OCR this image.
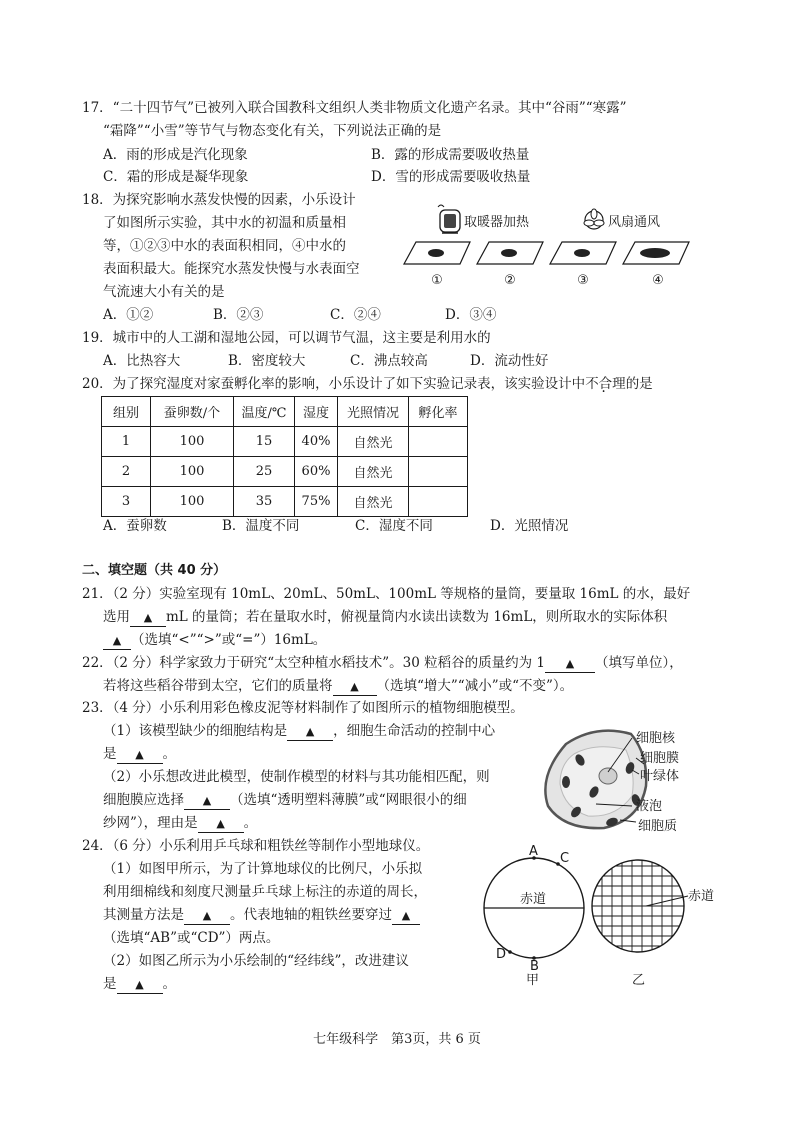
17．“二十四节气”已被列入联合国教科文组织人类非物质文化遗产名录。其中“谷雨”“寒露”
“霜降”“小雪”等节气与物态变化有关，下列说法正确的是
A．雨的形成是汽化现象	B．露的形成需要吸收热量
C．霜的形成是凝华现象	D．雪的形成需要吸收热量
18．为探究影响水蒸发快慢的因素，小乐设计
了如图所示实验，其中水的初温和质量相
等，①②③中水的表面积相同，④中水的
表面积最大。能探究水蒸发快慢与水表面空
气流速大小有关的是
A．①②	B．②③	C．②④	D．③④
取暖器加热	风扇通风
①	②	③	④
19．城市中的人工湖和湿地公园，可以调节气温，这主要是利用水的
A．比热容大	B．密度较大	C．沸点较高	D．流动性好
20．为了探究湿度对家蚕孵化率的影响，小乐设计了如下实验记录表，该实验设计中不合理的是
组别	蚕卵数/个	温度/℃	湿度	光照情况	孵化率
1	100	15	40%	自然光	
2	100	25	60%	自然光	
3	100	35	75%	自然光	
A．蚕卵数	B．温度不同	C．湿度不同	D．光照情况
二、填空题（共 40 分）
21．（2 分）实验室现有 10mL、20mL、50mL、100mL 等规格的量筒，要量取 16mL 的水，最好
选用 ▲ mL 的量筒；若在量取水时，俯视量筒内水读出读数为 16mL，则所取水的实际体积
▲ （选填“<”“>”或“=”）16mL。
22．（2 分）科学家致力于研究“太空种植水稻技术”。30 粒稻谷的质量约为 1 ▲ （填写单位），
若将这些稻谷带到太空，它们的质量将 ▲ （选填“增大”“减小”或“不变”）。
23．（4 分）小乐利用彩色橡皮泥等材料制作了如图所示的植物细胞模型。
（1）该模型缺少的细胞结构是 ▲ ，细胞生命活动的控制中心
是 ▲ 。
（2）小乐想改进此模型，使制作模型的材料与其功能相匹配，则
细胞膜应选择 ▲ （选填“透明塑料薄膜”或“网眼很小的细
纱网”），理由是 ▲ 。
细胞核
细胞膜
叶绿体
液泡
细胞质
24．（6 分）小乐利用乒乓球和粗铁丝等制作小型地球仪。
（1）如图甲所示，为了计算地球仪的比例尺，小乐拟
利用细棉线和刻度尺测量乒乓球上标注的赤道的周长，
其测量方法是 ▲ 。代表地轴的粗铁丝要穿过 ▲
（选填“AB”或“CD”）两点。
（2）如图乙所示为小乐绘制的“经纬线”，改进建议
是 ▲ 。
A C
D
B
赤道
甲
赤道
乙
七年级科学　第3页，共 6 页
